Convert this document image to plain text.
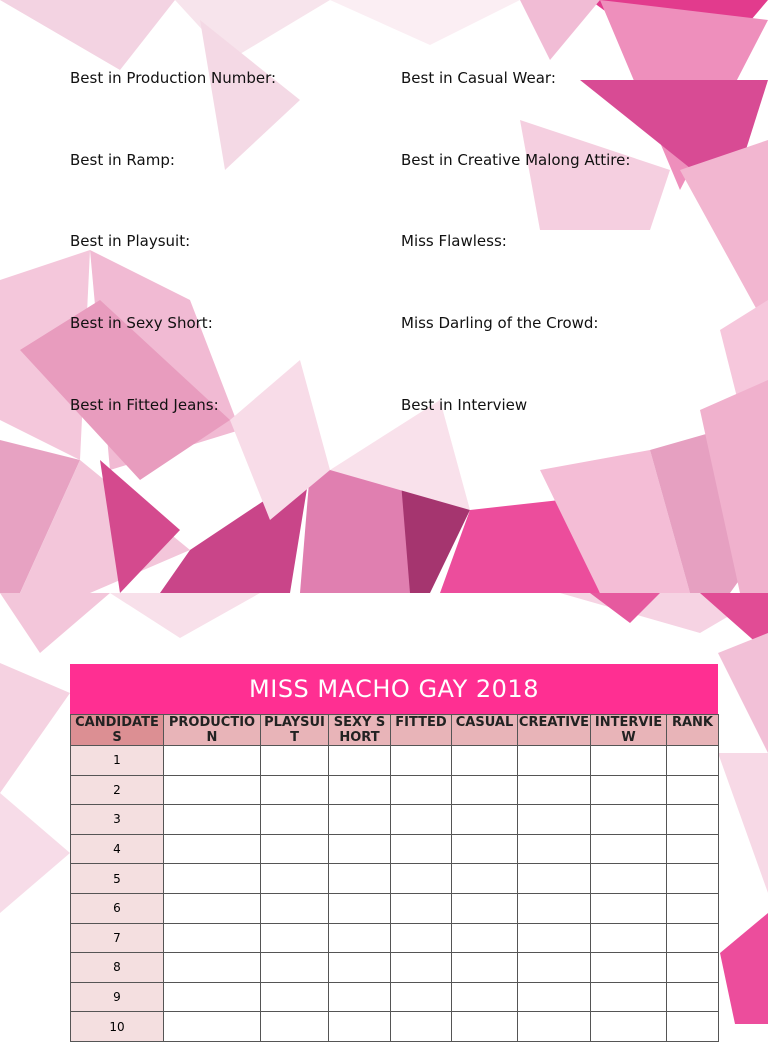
Best in Production Number:
Best in Ramp:
Best in Playsuit:
Best in Sexy Short:
Best in Fitted Jeans:
Best in Casual Wear:
Best in Creative Malong Attire:
Miss Flawless:
Miss Darling of the Crowd:
Best in Interview
MISS MACHO GAY 2018
CANDIDATES	PRODUCTION	PLAYSUIT	SEXY SHORT	FITTED	CASUAL	CREATIVE	INTERVIEW	RANK
1								
2								
3								
4								
5								
6								
7								
8								
9								
10								
